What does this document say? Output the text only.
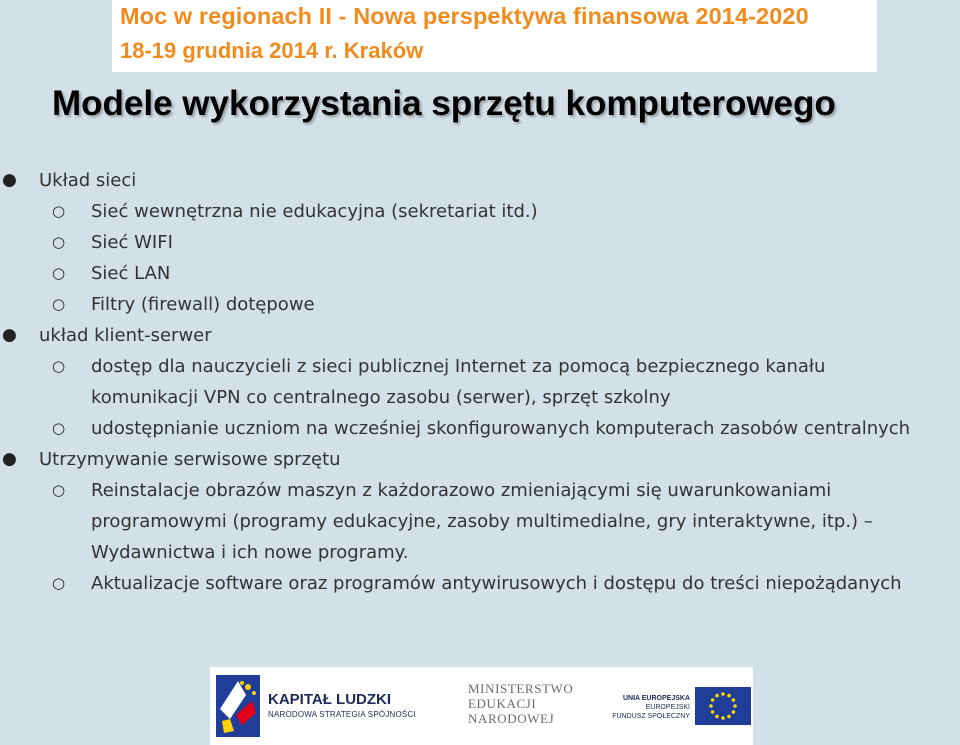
Moc w regionach II - Nowa perspektywa finansowa 2014-2020
18-19 grudnia 2014 r. Kraków
Modele wykorzystania sprzętu komputerowego
● Układ sieci
○ Sieć wewnętrzna nie edukacyjna (sekretariat itd.)
○ Sieć WIFI
○ Sieć LAN
○ Filtry (firewall) dotępowe
● układ klient-serwer
○ dostęp dla nauczycieli z sieci publicznej Internet za pomocą bezpiecznego kanału komunikacji VPN co centralnego zasobu (serwer), sprzęt szkolny
○ udostępnianie uczniom na wcześniej skonfigurowanych komputerach zasobów centralnych
● Utrzymywanie serwisowe sprzętu
○ Reinstalacje obrazów maszyn z każdorazowo zmieniającymi się uwarunkowaniami programowymi (programy edukacyjne, zasoby multimedialne, gry interaktywne, itp.) – Wydawnictwa i ich nowe programy.
○ Aktualizacje software oraz programów antywirusowych i dostępu do treści niepożądanych
KAPITAŁ LUDZKI
NARODOWA STRATEGIA SPÓJNOŚCI
MINISTERSTWO
EDUKACJI
NARODOWEJ
UNIA EUROPEJSKA
EUROPEJSKI
FUNDUSZ SPOŁECZNY
